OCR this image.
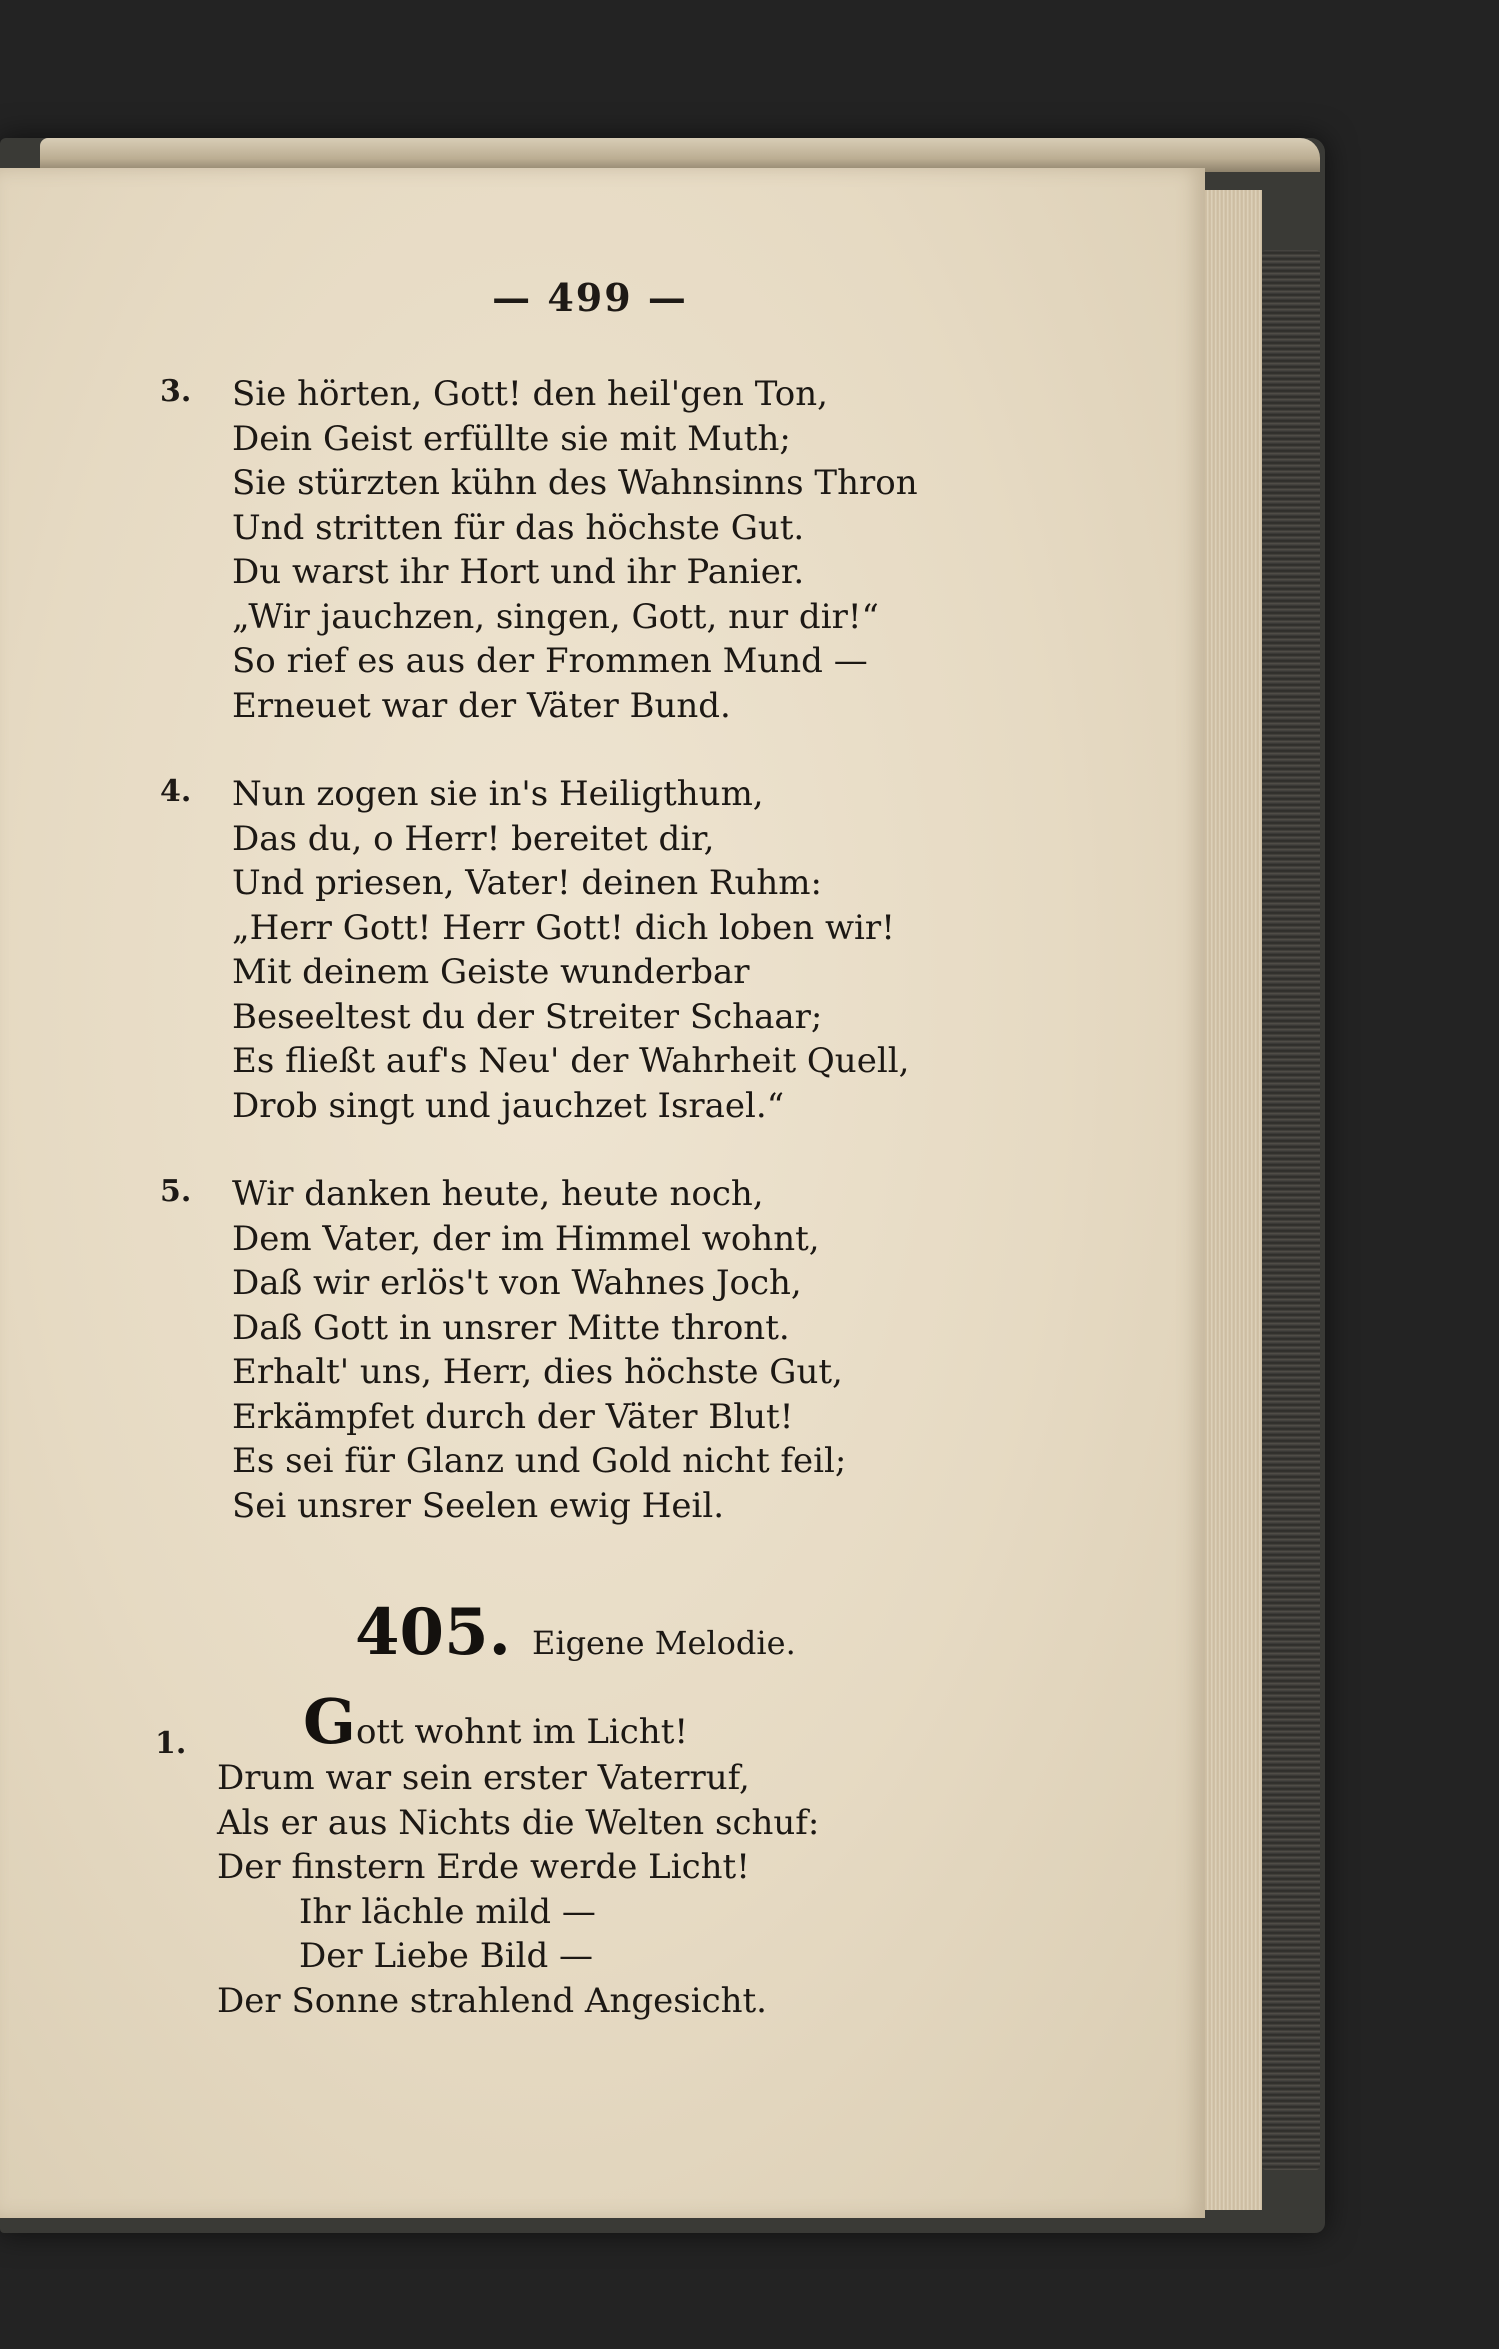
— 499 —
3. Sie hörten, Gott! den heil'gen Ton,
Dein Geist erfüllte sie mit Muth;
Sie stürzten kühn des Wahnsinns Thron
Und stritten für das höchste Gut.
Du warst ihr Hort und ihr Panier.
„Wir jauchzen, singen, Gott, nur dir!“
So rief es aus der Frommen Mund —
Erneuet war der Väter Bund.
4. Nun zogen sie in's Heiligthum,
Das du, o Herr! bereitet dir,
Und priesen, Vater! deinen Ruhm:
„Herr Gott! Herr Gott! dich loben wir!
Mit deinem Geiste wunderbar
Beseeltest du der Streiter Schaar;
Es fließt auf's Neu' der Wahrheit Quell,
Drob singt und jauchzet Israel.“
5. Wir danken heute, heute noch,
Dem Vater, der im Himmel wohnt,
Daß wir erlös't von Wahnes Joch,
Daß Gott in unsrer Mitte thront.
Erhalt' uns, Herr, dies höchste Gut,
Erkämpfet durch der Väter Blut!
Es sei für Glanz und Gold nicht feil;
Sei unsrer Seelen ewig Heil.
405. Eigene Melodie.
1.	Gott wohnt im Licht!
Drum war sein erster Vaterruf,
Als er aus Nichts die Welten schuf:
Der finstern Erde werde Licht!
Ihr lächle mild —
Der Liebe Bild —
Der Sonne strahlend Angesicht.
